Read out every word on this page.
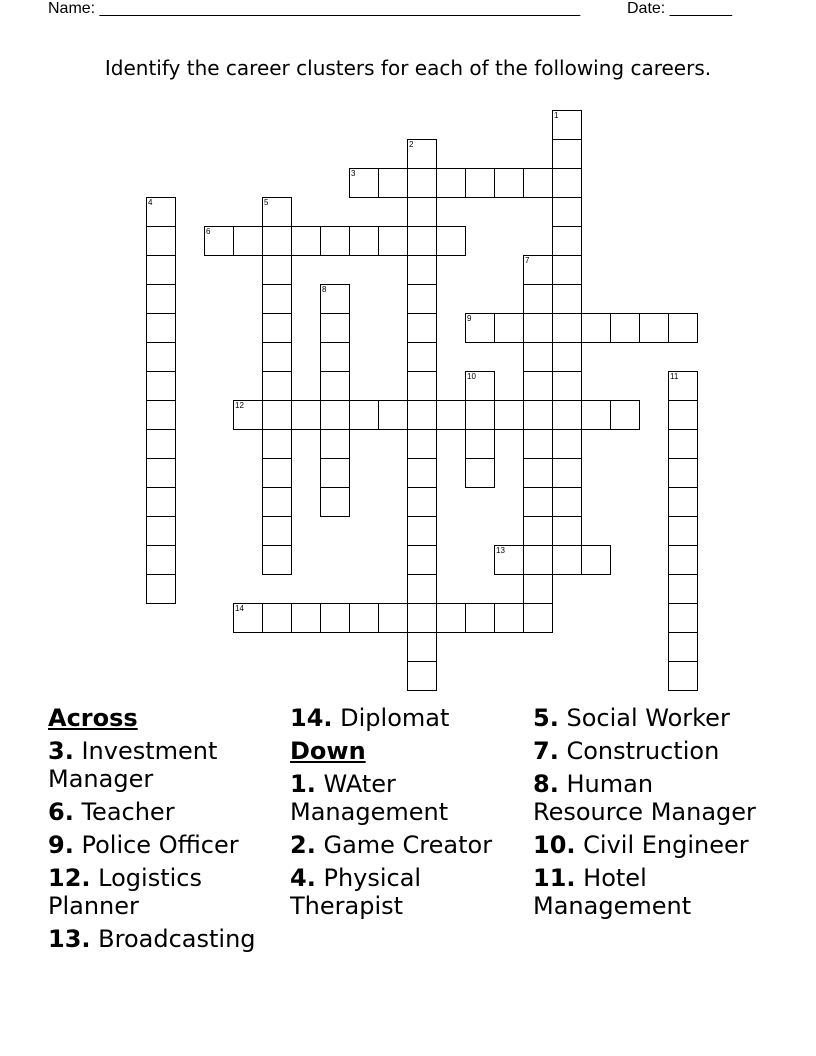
Name: ______________________________________________________	Date: _______
Identify the career clusters for each of the following careers.
1
2
3
4	5
6
7
8
9
10	11
12
13
14
Across
3. Investment Manager
6. Teacher
9. Police Officer
12. Logistics Planner
13. Broadcasting
14. Diplomat
Down
1. WAter Management
2. Game Creator
4. Physical Therapist
5. Social Worker
7. Construction
8. Human Resource Manager
10. Civil Engineer
11. Hotel Management
